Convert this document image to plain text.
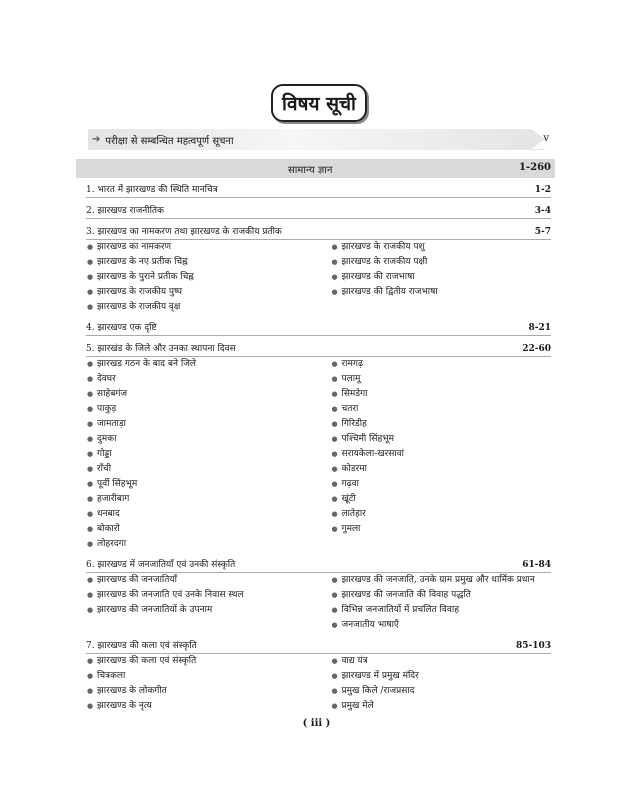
विषय सूची
➔ परीक्षा से सम्बन्धित महत्वपूर्ण सूचना	v
सामान्य ज्ञान	1-260
1. भारत में झारखण्ड की स्थिति मानचित्र	1-2
2. झारखण्ड राजनीतिक	3-4
3. झारखण्ड का नामकरण तथा झारखण्ड के राजकीय प्रतीक	5-7
● झारखण्ड का नामकरण
● झारखण्ड के नए प्रतीक चिह्न
● झारखण्ड के पुराने प्रतीक चिह्न
● झारखण्ड के राजकीय पुष्प
● झारखण्ड के राजकीय वृक्ष
● झारखण्ड के राजकीय पशु
● झारखण्ड के राजकीय पक्षी
● झारखण्ड की राजभाषा
● झारखण्ड की द्वितीय राजभाषा
4. झारखण्ड एक दृष्टि	8-21
5. झारखंड के जिले और उनका स्थापना दिवस	22-60
● झारखड गठन के बाद बने जिले
● देवघर
● साहेबगंज
● पाकुड़
● जामताड़ा
● दुमका
● गोड्डा
● राँची
● पूर्वी सिंहभूम
● हजारीबाग
● धनबाद
● बोकारो
● लोहरदगा
● रामगढ़
● पलामू
● सिमडेगा
● चतरा
● गिरिडीह
● पश्चिमी सिंहभूम
● सरायकेला-खरसावां
● कोडरमा
● गढ़वा
● खूंटी
● लातेहार
● गुमला
6. झारखण्ड में जनजातियाँ एवं उनकी संस्कृति	61-84
● झारखण्ड की जनजातियाँ
● झारखण्ड की जनजाति एवं उनके निवास स्थल
● झारखण्ड की जनजातियों के उपनाम
● झारखण्ड की जनजाति, उनके ग्राम प्रमुख और धार्मिक प्रधान
● झारखण्ड की जनजाति की विवाह पद्धति
● विभिन्न जनजातियों में प्रचलित विवाह
● जनजातीय भाषाएँ
7. झारखण्ड की कला एवं संस्कृति	85-103
● झारखण्ड की कला एवं संस्कृति
● चित्रकला
● झारखण्ड के लोकगीत
● झारखण्ड के नृत्य
● वाद्य यंत्र
● झारखण्ड में प्रमुख मंदिर
● प्रमुख किले /राजप्रसाद
● प्रमुख मेले
( iii )
